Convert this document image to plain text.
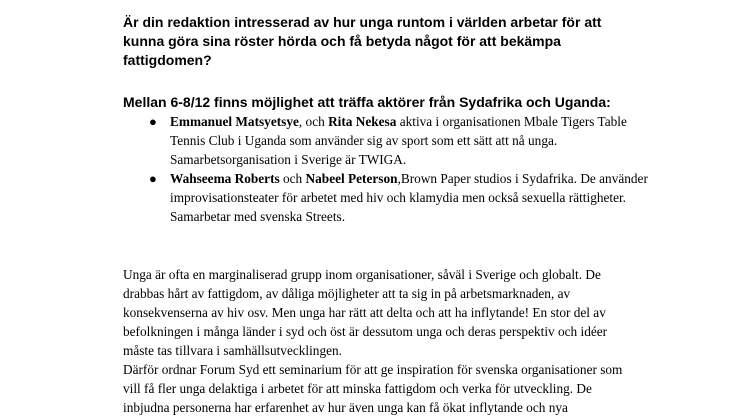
Är din redaktion intresserad av hur unga runtom i världen arbetar för att kunna göra sina röster hörda och få betyda något för att bekämpa fattigdomen?
Mellan 6-8/12 finns möjlighet att träffa aktörer från Sydafrika och Uganda:
● Emmanuel Matsyetsye, och Rita Nekesa aktiva i organisationen Mbale Tigers Table Tennis Club i Uganda som använder sig av sport som ett sätt att nå unga. Samarbetsorganisation i Sverige är TWIGA.
● Wahseema Roberts och Nabeel Peterson,Brown Paper studios i Sydafrika. De använder improvisationsteater för arbetet med hiv och klamydia men också sexuella rättigheter. Samarbetar med svenska Streets.

Unga är ofta en marginaliserad grupp inom organisationer, såväl i Sverige och globalt. De drabbas hårt av fattigdom, av dåliga möjligheter att ta sig in på arbetsmarknaden, av konsekvenserna av hiv osv. Men unga har rätt att delta och att ha inflytande! En stor del av befolkningen i många länder i syd och öst är dessutom unga och deras perspektiv och idéer måste tas tillvara i samhällsutvecklingen.

Därför ordnar Forum Syd ett seminarium för att ge inspiration för svenska organisationer som vill få fler unga delaktiga i arbetet för att minska fattigdom och verka för utveckling. De inbjudna personerna har erfarenhet av hur även unga kan få ökat inflytande och nya
